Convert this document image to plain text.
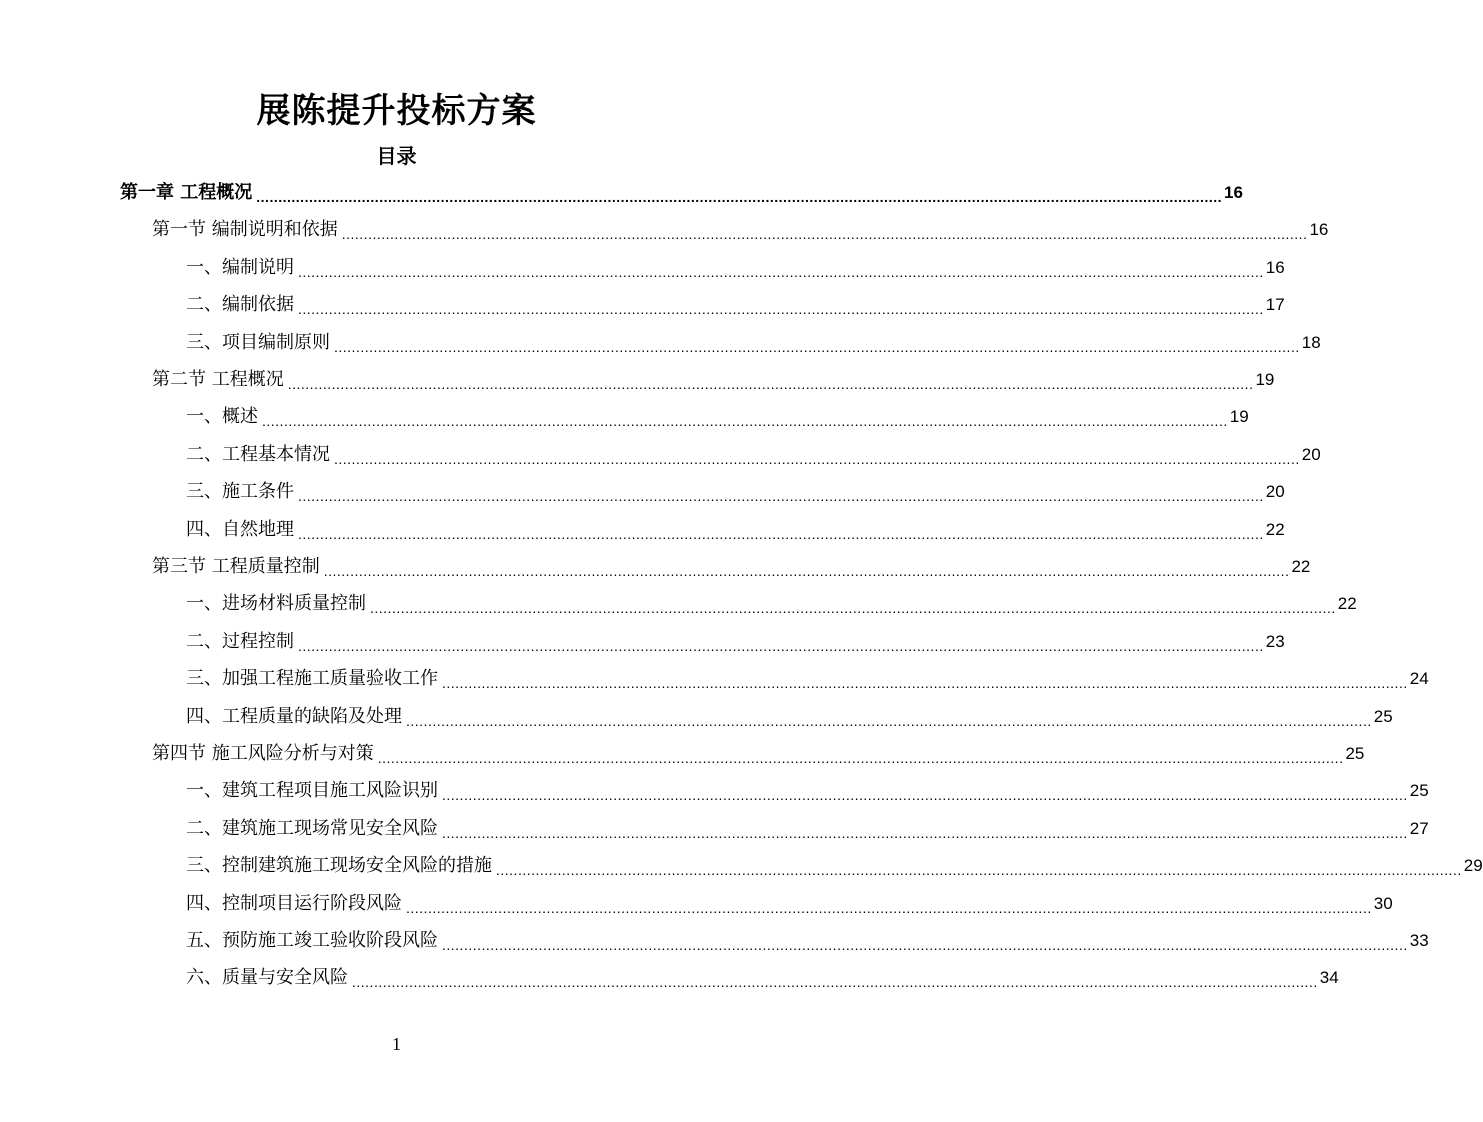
展陈提升投标方案
目录
第一章 工程概况 ............................................................................................................................................................................................................................ 16
第一节 编制说明和依据 ............................................................................................................................................................................................................................ 16
一、编制说明 ............................................................................................................................................................................................................................ 16
二、编制依据 ............................................................................................................................................................................................................................ 17
三、项目编制原则 ............................................................................................................................................................................................................................ 18
第二节 工程概况 ............................................................................................................................................................................................................................ 19
一、概述 ............................................................................................................................................................................................................................ 19
二、工程基本情况 ............................................................................................................................................................................................................................ 20
三、施工条件 ............................................................................................................................................................................................................................ 20
四、自然地理 ............................................................................................................................................................................................................................ 22
第三节 工程质量控制 ............................................................................................................................................................................................................................ 22
一、进场材料质量控制 ............................................................................................................................................................................................................................ 22
二、过程控制 ............................................................................................................................................................................................................................ 23
三、加强工程施工质量验收工作 ............................................................................................................................................................................................................................ 24
四、工程质量的缺陷及处理 ............................................................................................................................................................................................................................ 25
第四节 施工风险分析与对策 ............................................................................................................................................................................................................................ 25
一、建筑工程项目施工风险识别 ............................................................................................................................................................................................................................ 25
二、建筑施工现场常见安全风险 ............................................................................................................................................................................................................................ 27
三、控制建筑施工现场安全风险的措施 ............................................................................................................................................................................................................................ 29
四、控制项目运行阶段风险 ............................................................................................................................................................................................................................ 30
五、预防施工竣工验收阶段风险 ............................................................................................................................................................................................................................ 33
六、质量与安全风险 ............................................................................................................................................................................................................................ 34
1
